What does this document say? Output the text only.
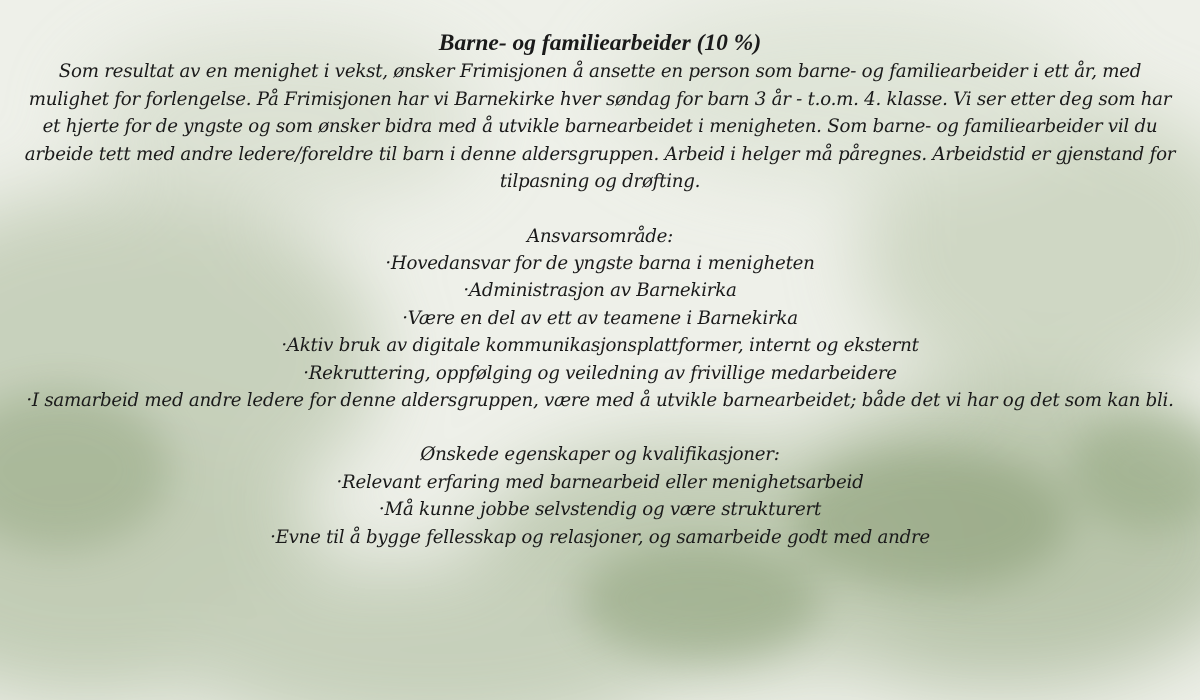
Barne- og familiearbeider (10 %)

Som resultat av en menighet i vekst, ønsker Frimisjonen å ansette en person som barne- og familiearbeider i ett år, med mulighet for forlengelse. På Frimisjonen har vi Barnekirke hver søndag for barn 3 år - t.o.m. 4. klasse. Vi ser etter deg som har et hjerte for de yngste og som ønsker bidra med å utvikle barnearbeidet i menigheten. Som barne- og familiearbeider vil du arbeide tett med andre ledere/foreldre til barn i denne aldersgruppen. Arbeid i helger må påregnes. Arbeidstid er gjenstand for tilpasning og drøfting.
Ansvarsområde:
·Hovedansvar for de yngste barna i menigheten
·Administrasjon av Barnekirka
·Være en del av ett av teamene i Barnekirka
·Aktiv bruk av digitale kommunikasjonsplattformer, internt og eksternt
·Rekruttering, oppfølging og veiledning av frivillige medarbeidere
·I samarbeid med andre ledere for denne aldersgruppen, være med å utvikle barnearbeidet; både det vi har og det som kan bli.
Ønskede egenskaper og kvalifikasjoner:
·Relevant erfaring med barnearbeid eller menighetsarbeid
·Må kunne jobbe selvstendig og være strukturert
·Evne til å bygge fellesskap og relasjoner, og samarbeide godt med andre
